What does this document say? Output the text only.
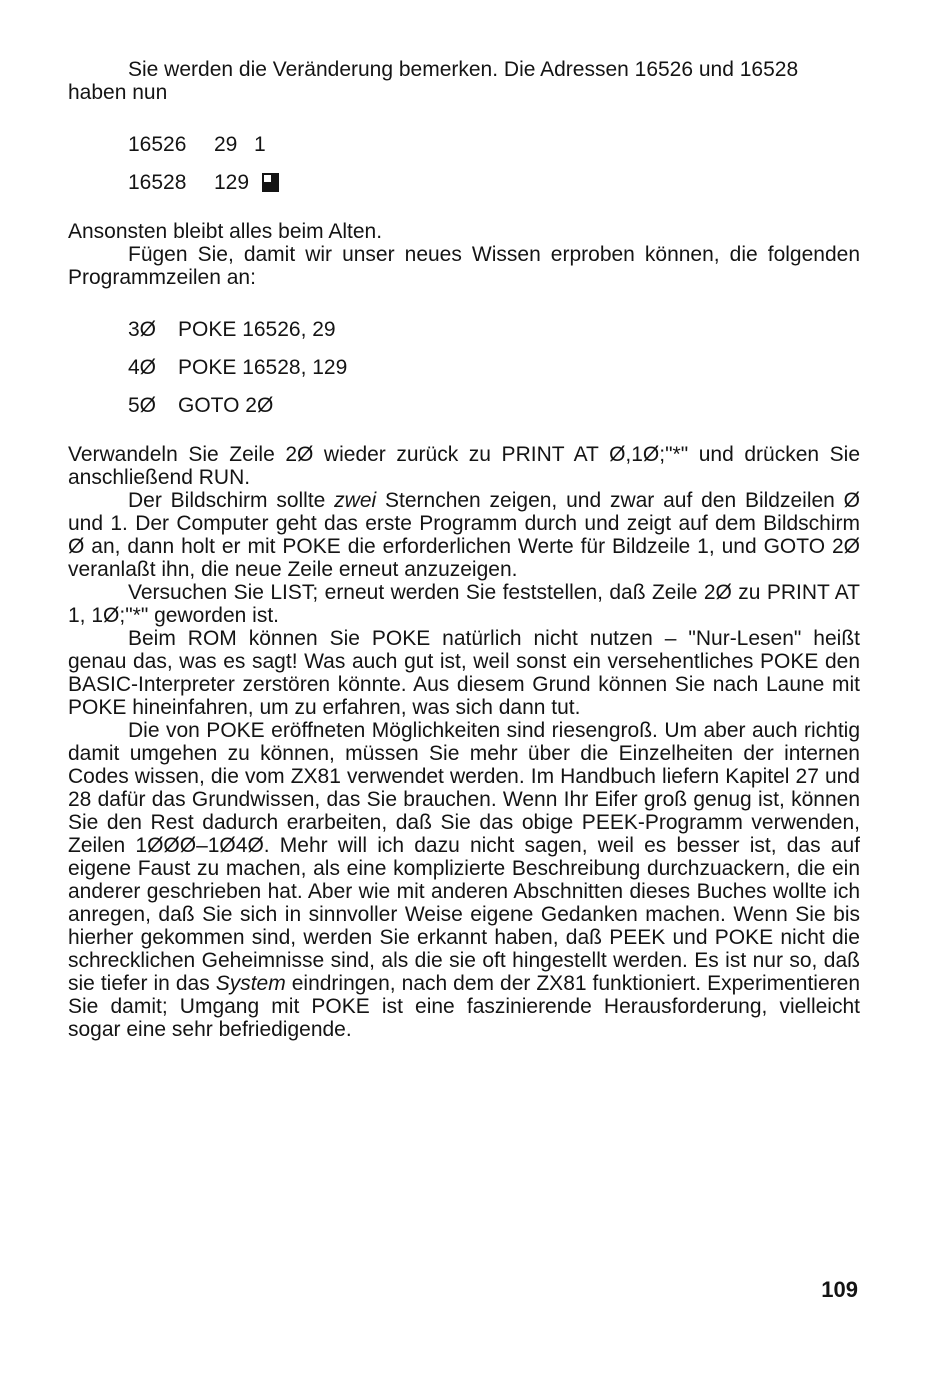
Sie werden die Veränderung bemerken. Die Adressen 16526 und 16528 haben nun

16526 29 1
16528 129

Ansonsten bleibt alles beim Alten.

Fügen Sie, damit wir unser neues Wissen erproben können, die folgenden Programmzeilen an:

3Ø POKE 16526, 29
4Ø POKE 16528, 129
5Ø GOTO 2Ø

Verwandeln Sie Zeile 2Ø wieder zurück zu PRINT AT Ø,1Ø;"*" und drücken Sie anschließend RUN.

Der Bildschirm sollte zwei Sternchen zeigen, und zwar auf den Bildzeilen Ø und 1. Der Computer geht das erste Programm durch und zeigt auf dem Bildschirm Ø an, dann holt er mit POKE die erforderlichen Werte für Bildzeile 1, und GOTO 2Ø veranlaßt ihn, die neue Zeile erneut anzuzeigen.

Versuchen Sie LIST; erneut werden Sie feststellen, daß Zeile 2Ø zu PRINT AT 1, 1Ø;"*" geworden ist.

Beim ROM können Sie POKE natürlich nicht nutzen – "Nur-Lesen" heißt genau das, was es sagt! Was auch gut ist, weil sonst ein versehentliches POKE den BASIC-Interpreter zerstören könnte. Aus diesem Grund können Sie nach Laune mit POKE hineinfahren, um zu erfahren, was sich dann tut.

Die von POKE eröffneten Möglichkeiten sind riesengroß. Um aber auch richtig damit umgehen zu können, müssen Sie mehr über die Einzelheiten der internen Codes wissen, die vom ZX81 verwendet werden. Im Handbuch liefern Kapitel 27 und 28 dafür das Grundwissen, das Sie brauchen. Wenn Ihr Eifer groß genug ist, können Sie den Rest dadurch erarbeiten, daß Sie das obige PEEK-Programm verwenden, Zeilen 1ØØØ–1Ø4Ø. Mehr will ich dazu nicht sagen, weil es besser ist, das auf eigene Faust zu machen, als eine komplizierte Beschreibung durchzuackern, die ein anderer geschrieben hat. Aber wie mit anderen Abschnitten dieses Buches wollte ich anregen, daß Sie sich in sinnvoller Weise eigene Gedanken machen. Wenn Sie bis hierher gekommen sind, werden Sie erkannt haben, daß PEEK und POKE nicht die schrecklichen Geheimnisse sind, als die sie oft hingestellt werden. Es ist nur so, daß sie tiefer in das System eindringen, nach dem der ZX81 funktioniert. Experimentieren Sie damit; Umgang mit POKE ist eine faszinierende Herausforderung, vielleicht sogar eine sehr befriedigende.

109
